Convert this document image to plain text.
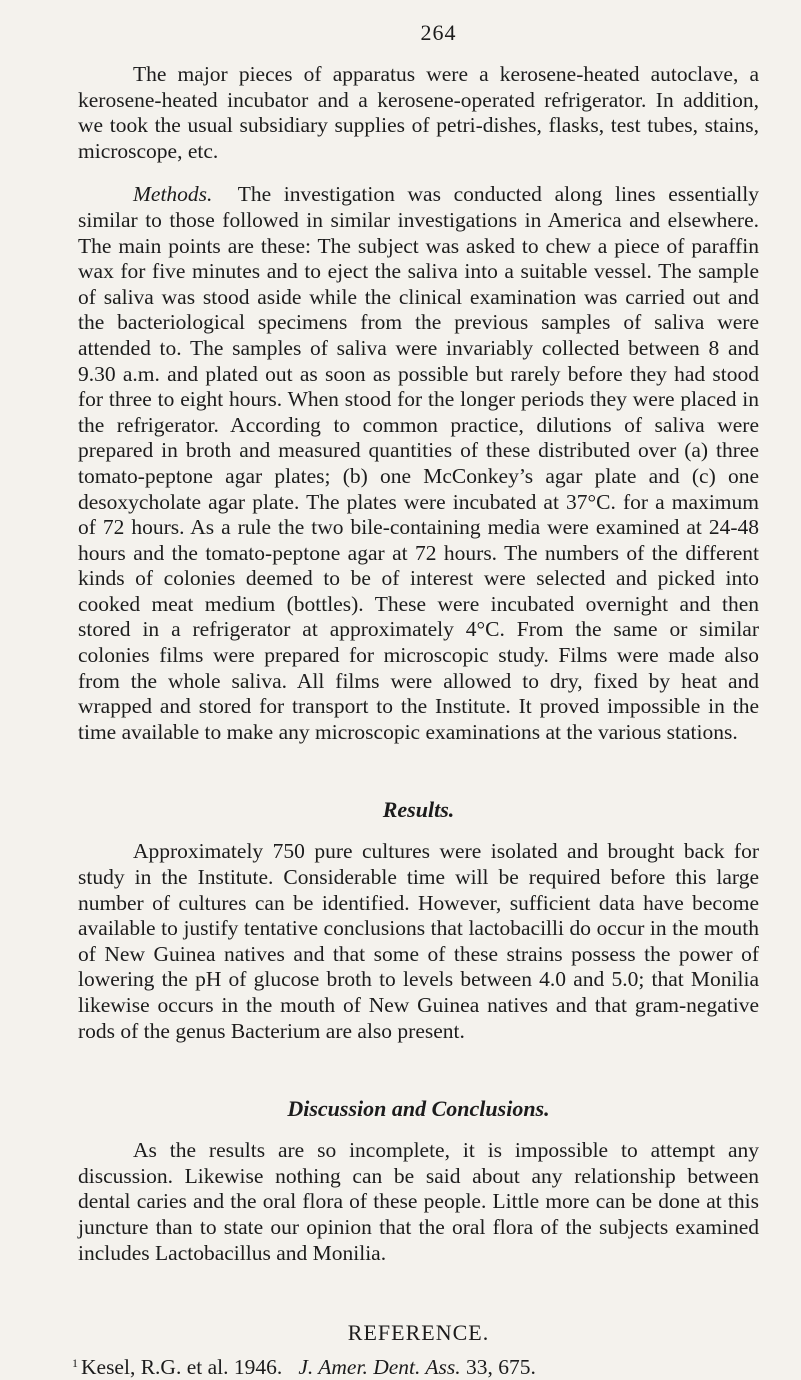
264

The major pieces of apparatus were a kerosene-heated autoclave, a kerosene-heated incubator and a kerosene-operated refrigerator. In addition, we took the usual subsidiary supplies of petri-dishes, flasks, test tubes, stains, microscope, etc.

Methods. The investigation was conducted along lines essentially similar to those followed in similar investigations in America and elsewhere. The main points are these: The subject was asked to chew a piece of paraffin wax for five minutes and to eject the saliva into a suitable vessel. The sample of saliva was stood aside while the clinical examination was carried out and the bacteriological specimens from the previous samples of saliva were attended to. The samples of saliva were invariably collected between 8 and 9.30 a.m. and plated out as soon as possible but rarely before they had stood for three to eight hours. When stood for the longer periods they were placed in the refrigerator. According to common practice, dilutions of saliva were prepared in broth and measured quantities of these distributed over (a) three tomato-peptone agar plates; (b) one McConkey’s agar plate and (c) one desoxycholate agar plate. The plates were incubated at 37°C. for a maximum of 72 hours. As a rule the two bile-containing media were examined at 24-48 hours and the tomato-peptone agar at 72 hours. The numbers of the different kinds of colonies deemed to be of interest were selected and picked into cooked meat medium (bottles). These were incubated overnight and then stored in a refrigerator at approximately 4°C. From the same or similar colonies films were prepared for microscopic study. Films were made also from the whole saliva. All films were allowed to dry, fixed by heat and wrapped and stored for transport to the Institute. It proved impossible in the time available to make any microscopic examinations at the various stations.

Results.

Approximately 750 pure cultures were isolated and brought back for study in the Institute. Considerable time will be required before this large number of cultures can be identified. However, sufficient data have become available to justify tentative conclusions that lactobacilli do occur in the mouth of New Guinea natives and that some of these strains possess the power of lowering the pH of glucose broth to levels between 4.0 and 5.0; that Monilia likewise occurs in the mouth of New Guinea natives and that gram-negative rods of the genus Bacterium are also present.

Discussion and Conclusions.

As the results are so incomplete, it is impossible to attempt any discussion. Likewise nothing can be said about any relationship between dental caries and the oral flora of these people. Little more can be done at this juncture than to state our opinion that the oral flora of the subjects examined includes Lactobacillus and Monilia.

REFERENCE.

$^1$ Kesel, R.G. et al. 1946. J. Amer. Dent. Ass. 33, 675.
